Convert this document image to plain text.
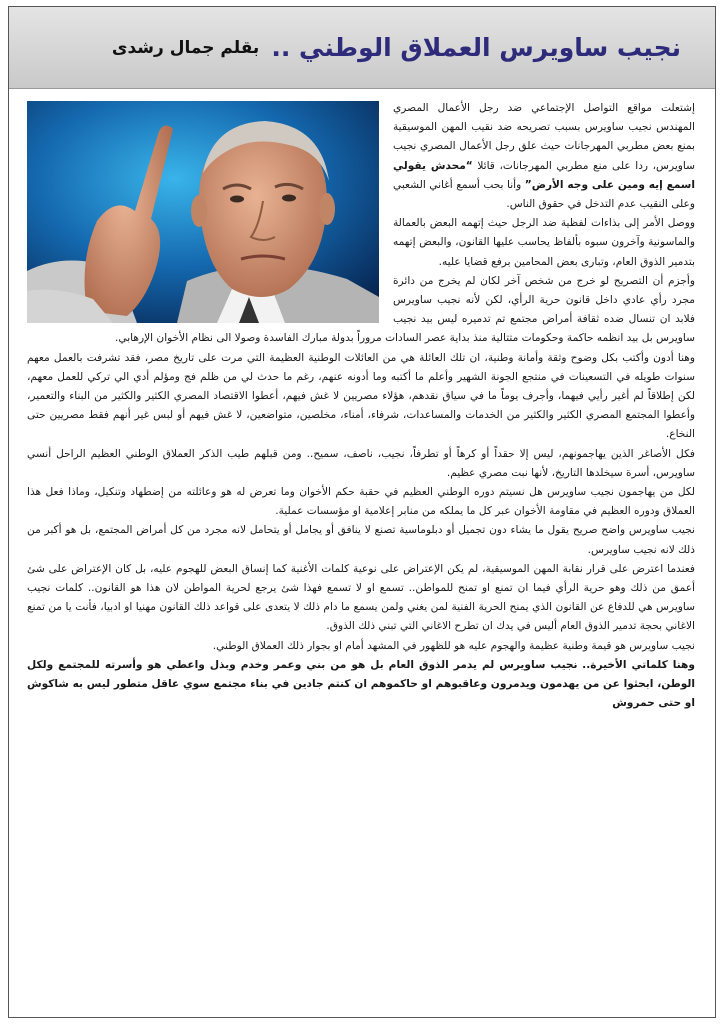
نجيب ساويرس العملاق الوطني ..
بقلم جمال رشدى

إشتعلت مواقع التواصل الإجتماعي ضد رجل الأعمال المصري المهندس نجيب ساويرس بسبب تصريحه ضد نقيب المهن الموسيقية بمنع بعض مطربي المهرجانات حيث علق رجل الأعمال المصري نجيب ساويرس، ردا على منع مطربي المهرجانات، قائلا “محدش يقولي اسمع إيه ومين على وجه الأرض” وأنا بحب أسمع أغاني الشعبي وعلى النقيب عدم التدخل في حقوق الناس.

ووصل الأمر إلى بذاءات لفظية ضد الرجل حيث إتهمه البعض بالعمالة والماسونية وآخرون سبوه بألفاظ يحاسب عليها القانون، والبعض إتهمه بتدمير الذوق العام، وتبارى بعض المحامين برفع قضايا عليه.

وأجزم أن التصريح لو خرج من شخص آخر لكان لم يخرج من دائرة مجرد رأي عادي داخل قانون حرية الرأي، لكن لأنه نجيب ساويرس فلابد ان تنسال ضده ثقافة أمراض مجتمع تم تدميره ليس بيد نجيب ساويرس بل بيد انظمه حاكمة وحكومات متتالية منذ بداية عصر السادات مروراً بدولة مبارك الفاسدة وصولا الى نظام الأخوان الإرهابي.

وهنا أدون وأكتب بكل وضوح وثقة وأمانة وطنية، ان تلك العائلة هي من العائلات الوطنية العظيمة التي مرت على تاريخ مصر، فقد تشرفت بالعمل معهم سنوات طويله في التسعينات في منتجع الجونة الشهير وأعلم ما أكتبه وما أدونه عنهم، رغم ما حدث لي من ظلم فج ومؤلم أدي الي تركي للعمل معهم، لكن إطلاقاً لم أغير رأيي فيهما، وأجرف يوماً ما في سياق نقدهم، هؤلاء مصريين لا غش فيهم، أعطوا الاقتصاد المصري الكثير والكثير من البناء والتعمير، وأعطوا المجتمع المصري الكثير والكثير من الخدمات والمساعدات، شرفاء، أمناء، مخلصين، متواضعين، لا غش فيهم أو لبس غير أنهم فقط مصريين حتى النخاع.

فكل الأصاغر الذين يهاجمونهم، ليس إلا حقداً أو كرهاً أو تطرفاً، نجيب، ناصف، سميح.. ومن قبلهم طيب الذكر العملاق الوطني العظيم الراحل أنسي ساويرس، أسرة سيخلدها التاريخ، لأنها نبت مصري عظيم.

لكل من يهاجمون نجيب ساويرس هل نسيتم دوره الوطني العظيم في حقبة حكم الأخوان وما تعرض له هو وعائلته من إضطهاد وتنكيل، وماذا فعل هذا العملاق ودوره العظيم في مقاومة الأخوان عبر كل ما يملكه من منابر إعلامية او مؤسسات عملية.

نجيب ساويرس واضح صريح يقول ما يشاء دون تجميل أو دبلوماسية تصنع لا ينافق أو يجامل أو يتحامل لانه مجرد من كل أمراض المجتمع، بل هو أكبر من ذلك لانه نجيب ساويرس.

فعندما اعترض على قرار نقابة المهن الموسيقية، لم يكن الإعتراض على نوعية كلمات الأغنية كما إنساق البعض للهجوم عليه، بل كان الإعتراض على شئ أعمق من ذلك وهو حرية الرأي فيما ان تمنع او تمنح للمواطن.. تسمع او لا تسمع فهذا شئ يرجع لحرية المواطن لان هذا هو القانون.. كلمات نجيب ساويرس هي للدفاع عن القانون الذي يمنح الحرية الفنية لمن يغني ولمن يسمع ما دام ذلك لا يتعدى على قواعد ذلك القانون مهنيا او ادبيا، فأنت يا من تمنع الاغاني بحجة تدمير الذوق العام أليس في يدك ان تطرح الاغاني التي تبني ذلك الذوق.

نجيب ساويرس هو قيمة وطنية عظيمة والهجوم عليه هو للظهور في المشهد أمام او بجوار ذلك العملاق الوطني.

وهنا كلماتي الأخيرة.. نجيب ساويرس لم يدمر الذوق العام بل هو من بني وعمر وخدم وبذل واعطي هو وأسرته للمجتمع ولكل الوطن، ابحثوا عن من يهدمون ويدمرون وعاقبوهم او حاكموهم ان كنتم جادين في بناء مجتمع سوي عاقل متطور ليس به شاكوش او حتى حمروش
